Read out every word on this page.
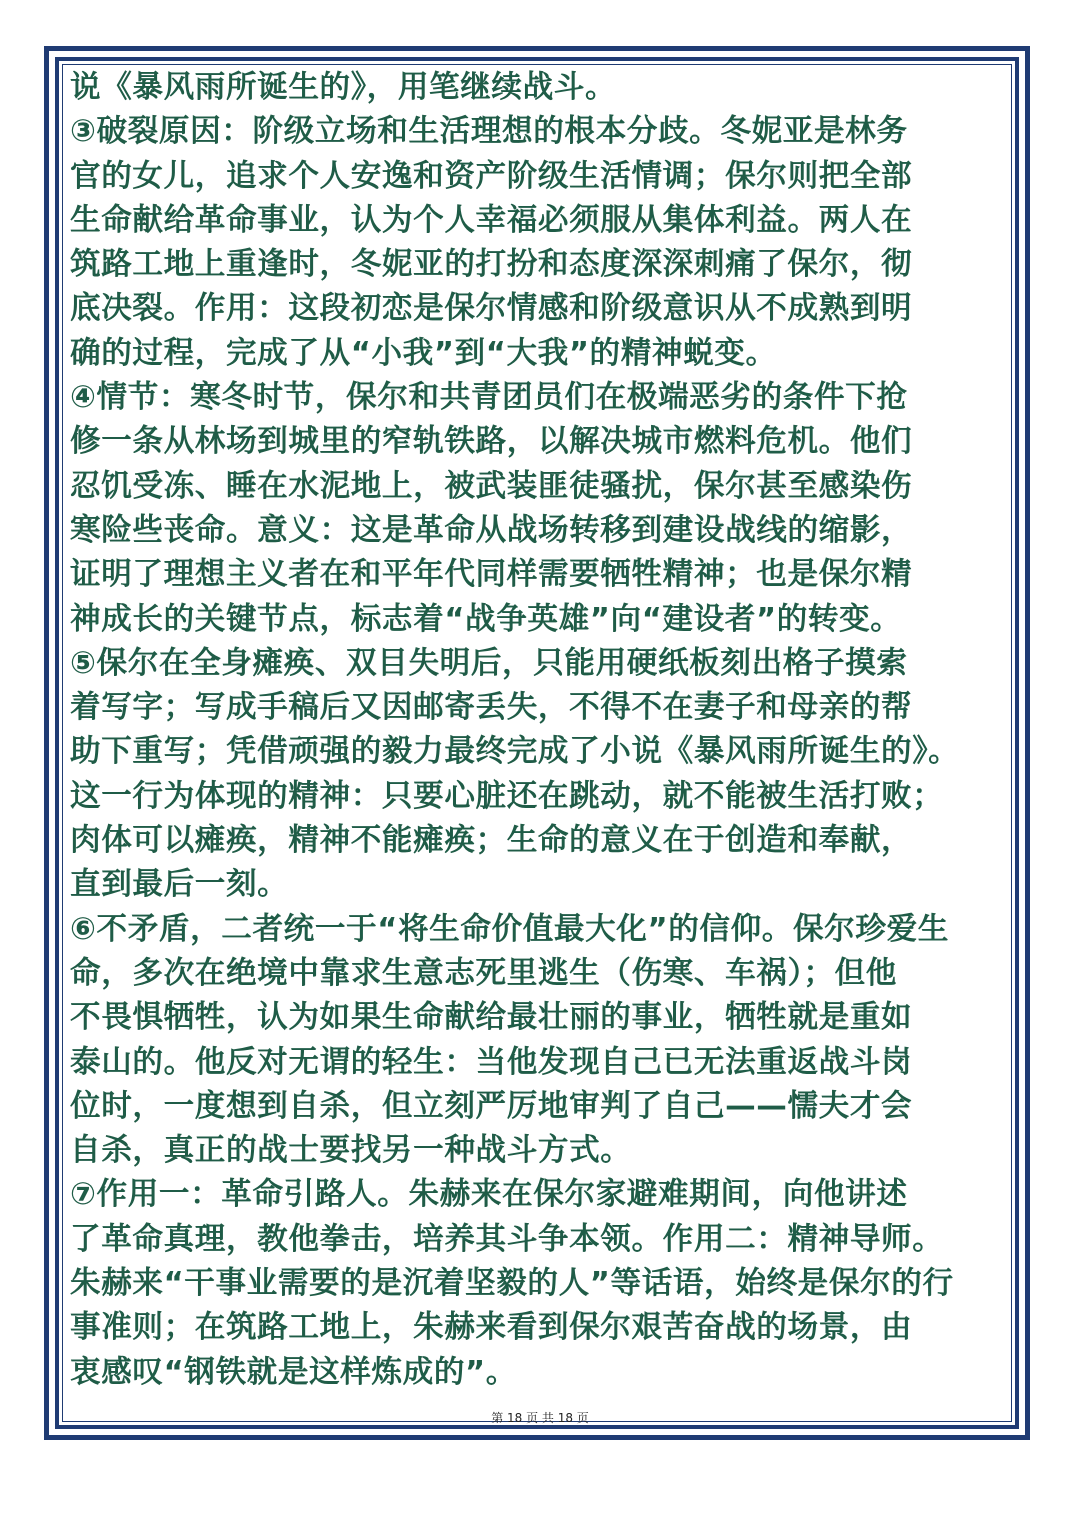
说《暴风雨所诞生的》，用笔继续战斗。
③破裂原因：阶级立场和生活理想的根本分歧。冬妮亚是林务
官的女儿，追求个人安逸和资产阶级生活情调；保尔则把全部
生命献给革命事业，认为个人幸福必须服从集体利益。两人在
筑路工地上重逢时，冬妮亚的打扮和态度深深刺痛了保尔，彻
底决裂。作用：这段初恋是保尔情感和阶级意识从不成熟到明
确的过程，完成了从“小我”到“大我”的精神蜕变。
④情节：寒冬时节，保尔和共青团员们在极端恶劣的条件下抢
修一条从林场到城里的窄轨铁路，以解决城市燃料危机。他们
忍饥受冻、睡在水泥地上，被武装匪徒骚扰，保尔甚至感染伤
寒险些丧命。意义：这是革命从战场转移到建设战线的缩影，
证明了理想主义者在和平年代同样需要牺牲精神；也是保尔精
神成长的关键节点，标志着“战争英雄”向“建设者”的转变。
⑤保尔在全身瘫痪、双目失明后，只能用硬纸板刻出格子摸索
着写字；写成手稿后又因邮寄丢失，不得不在妻子和母亲的帮
助下重写；凭借顽强的毅力最终完成了小说《暴风雨所诞生的》。
这一行为体现的精神：只要心脏还在跳动，就不能被生活打败；
肉体可以瘫痪，精神不能瘫痪；生命的意义在于创造和奉献，
直到最后一刻。
⑥不矛盾，二者统一于“将生命价值最大化”的信仰。保尔珍爱生
命，多次在绝境中靠求生意志死里逃生（伤寒、车祸）；但他
不畏惧牺牲，认为如果生命献给最壮丽的事业，牺牲就是重如
泰山的。他反对无谓的轻生：当他发现自己已无法重返战斗岗
位时，一度想到自杀，但立刻严厉地审判了自己——懦夫才会
自杀，真正的战士要找另一种战斗方式。
⑦作用一：革命引路人。朱赫来在保尔家避难期间，向他讲述
了革命真理，教他拳击，培养其斗争本领。作用二：精神导师。
朱赫来“干事业需要的是沉着坚毅的人”等话语，始终是保尔的行
事准则；在筑路工地上，朱赫来看到保尔艰苦奋战的场景，由
衷感叹“钢铁就是这样炼成的”。
第 18 页 共 18 页
